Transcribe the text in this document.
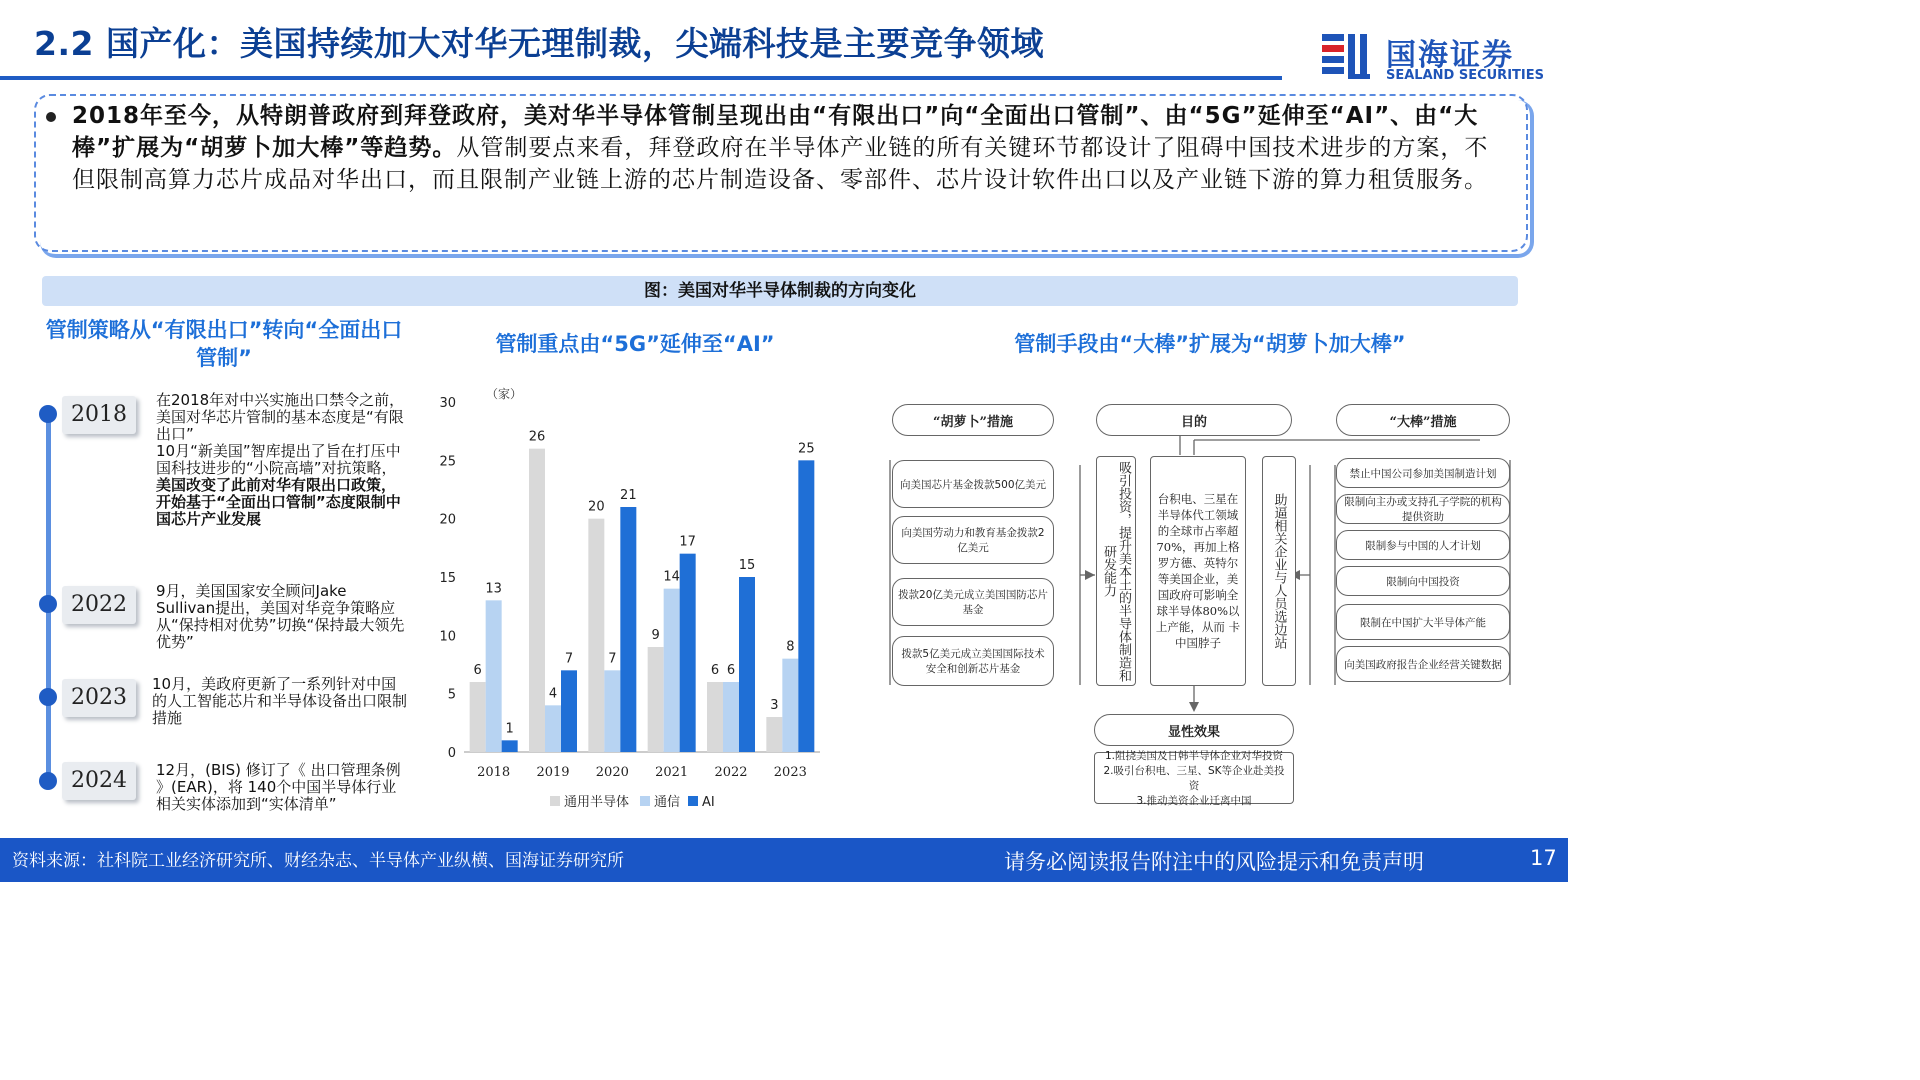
2.2 国产化：美国持续加大对华无理制裁，尖端科技是主要竞争领域	国海证券
SEALAND SECURITIES
2018年至今，从特朗普政府到拜登政府，美对华半导体管制呈现出由“有限出口”向“全面出口管制”、由“5G”延伸至“AI”、由“大棒”扩展为“胡萝卜加大棒”等趋势。从管制要点来看，拜登政府在半导体产业链的所有关键环节都设计了阻碍中国技术进步的方案，不但限制高算力芯片成品对华出口，而且限制产业链上游的芯片制造设备、零部件、芯片设计软件出口以及产业链下游的算力租赁服务。
图：美国对华半导体制裁的方向变化
管制策略从“有限出口”转向“全面出口管制”
2018
在2018年对中兴实施出口禁令之前，美国对华芯片管制的基本态度是“有限出口”
10月“新美国”智库提出了旨在打压中国科技进步的“小院高墙”对抗策略，美国改变了此前对华有限出口政策，开始基于“全面出口管制”态度限制中国芯片产业发展
2022
9月，美国国家安全顾问Jake Sullivan提出，美国对华竞争策略应从“保持相对优势”切换“保持最大领先优势”
2023
10月，美政府更新了一系列针对中国的人工智能芯片和半导体设备出口限制措施
2024	12月，(BIS) 修订了《 出口管理条例 》(EAR)，将 140个中国半导体行业相关实体添加到“实体清单”
管制重点由“5G”延伸至“AI”
（家）
0
5
10
15
20
25
30
6
13
1
2018
26
4
7
2019
20
7
21
2020
9
14
17
2021
6 6
15
2022
3
8
25
2023
通用半导体 通信 AI
管制手段由“大棒”扩展为“胡萝卜加大棒”
“胡萝卜”措施	目的	“大棒”措施
向美国芯片基金拨款500亿美元
向美国劳动力和教育基金拨款2亿美元
拨款20亿美元成立美国国防芯片基金
拨款5亿美元成立美国国际技术安全和创新芯片基金	吸引投资，提升美本土的半导体制造和研发能力
台积电、三星在半导体代工领域的全球市占率超70%，再加上格罗方德、英特尔等美国企业，美国政府可影响全球半导体80%以上产能，从而 卡中国脖子	助逼相关企业与人员选边站
禁止中国公司参加美国制造计划
限制向主办或支持孔子学院的机构提供资助
限制参与中国的人才计划
限制向中国投资
限制在中国扩大半导体产能
向美国政府报告企业经营关键数据
显性效果
1.阻挠美国及日韩半导体企业对华投资
2.吸引台积电、三星、SK等企业赴美投资
3.推动美资企业迁离中国
资料来源：社科院工业经济研究所、财经杂志、半导体产业纵横、国海证券研究所	请务必阅读报告附注中的风险提示和免责声明	17
